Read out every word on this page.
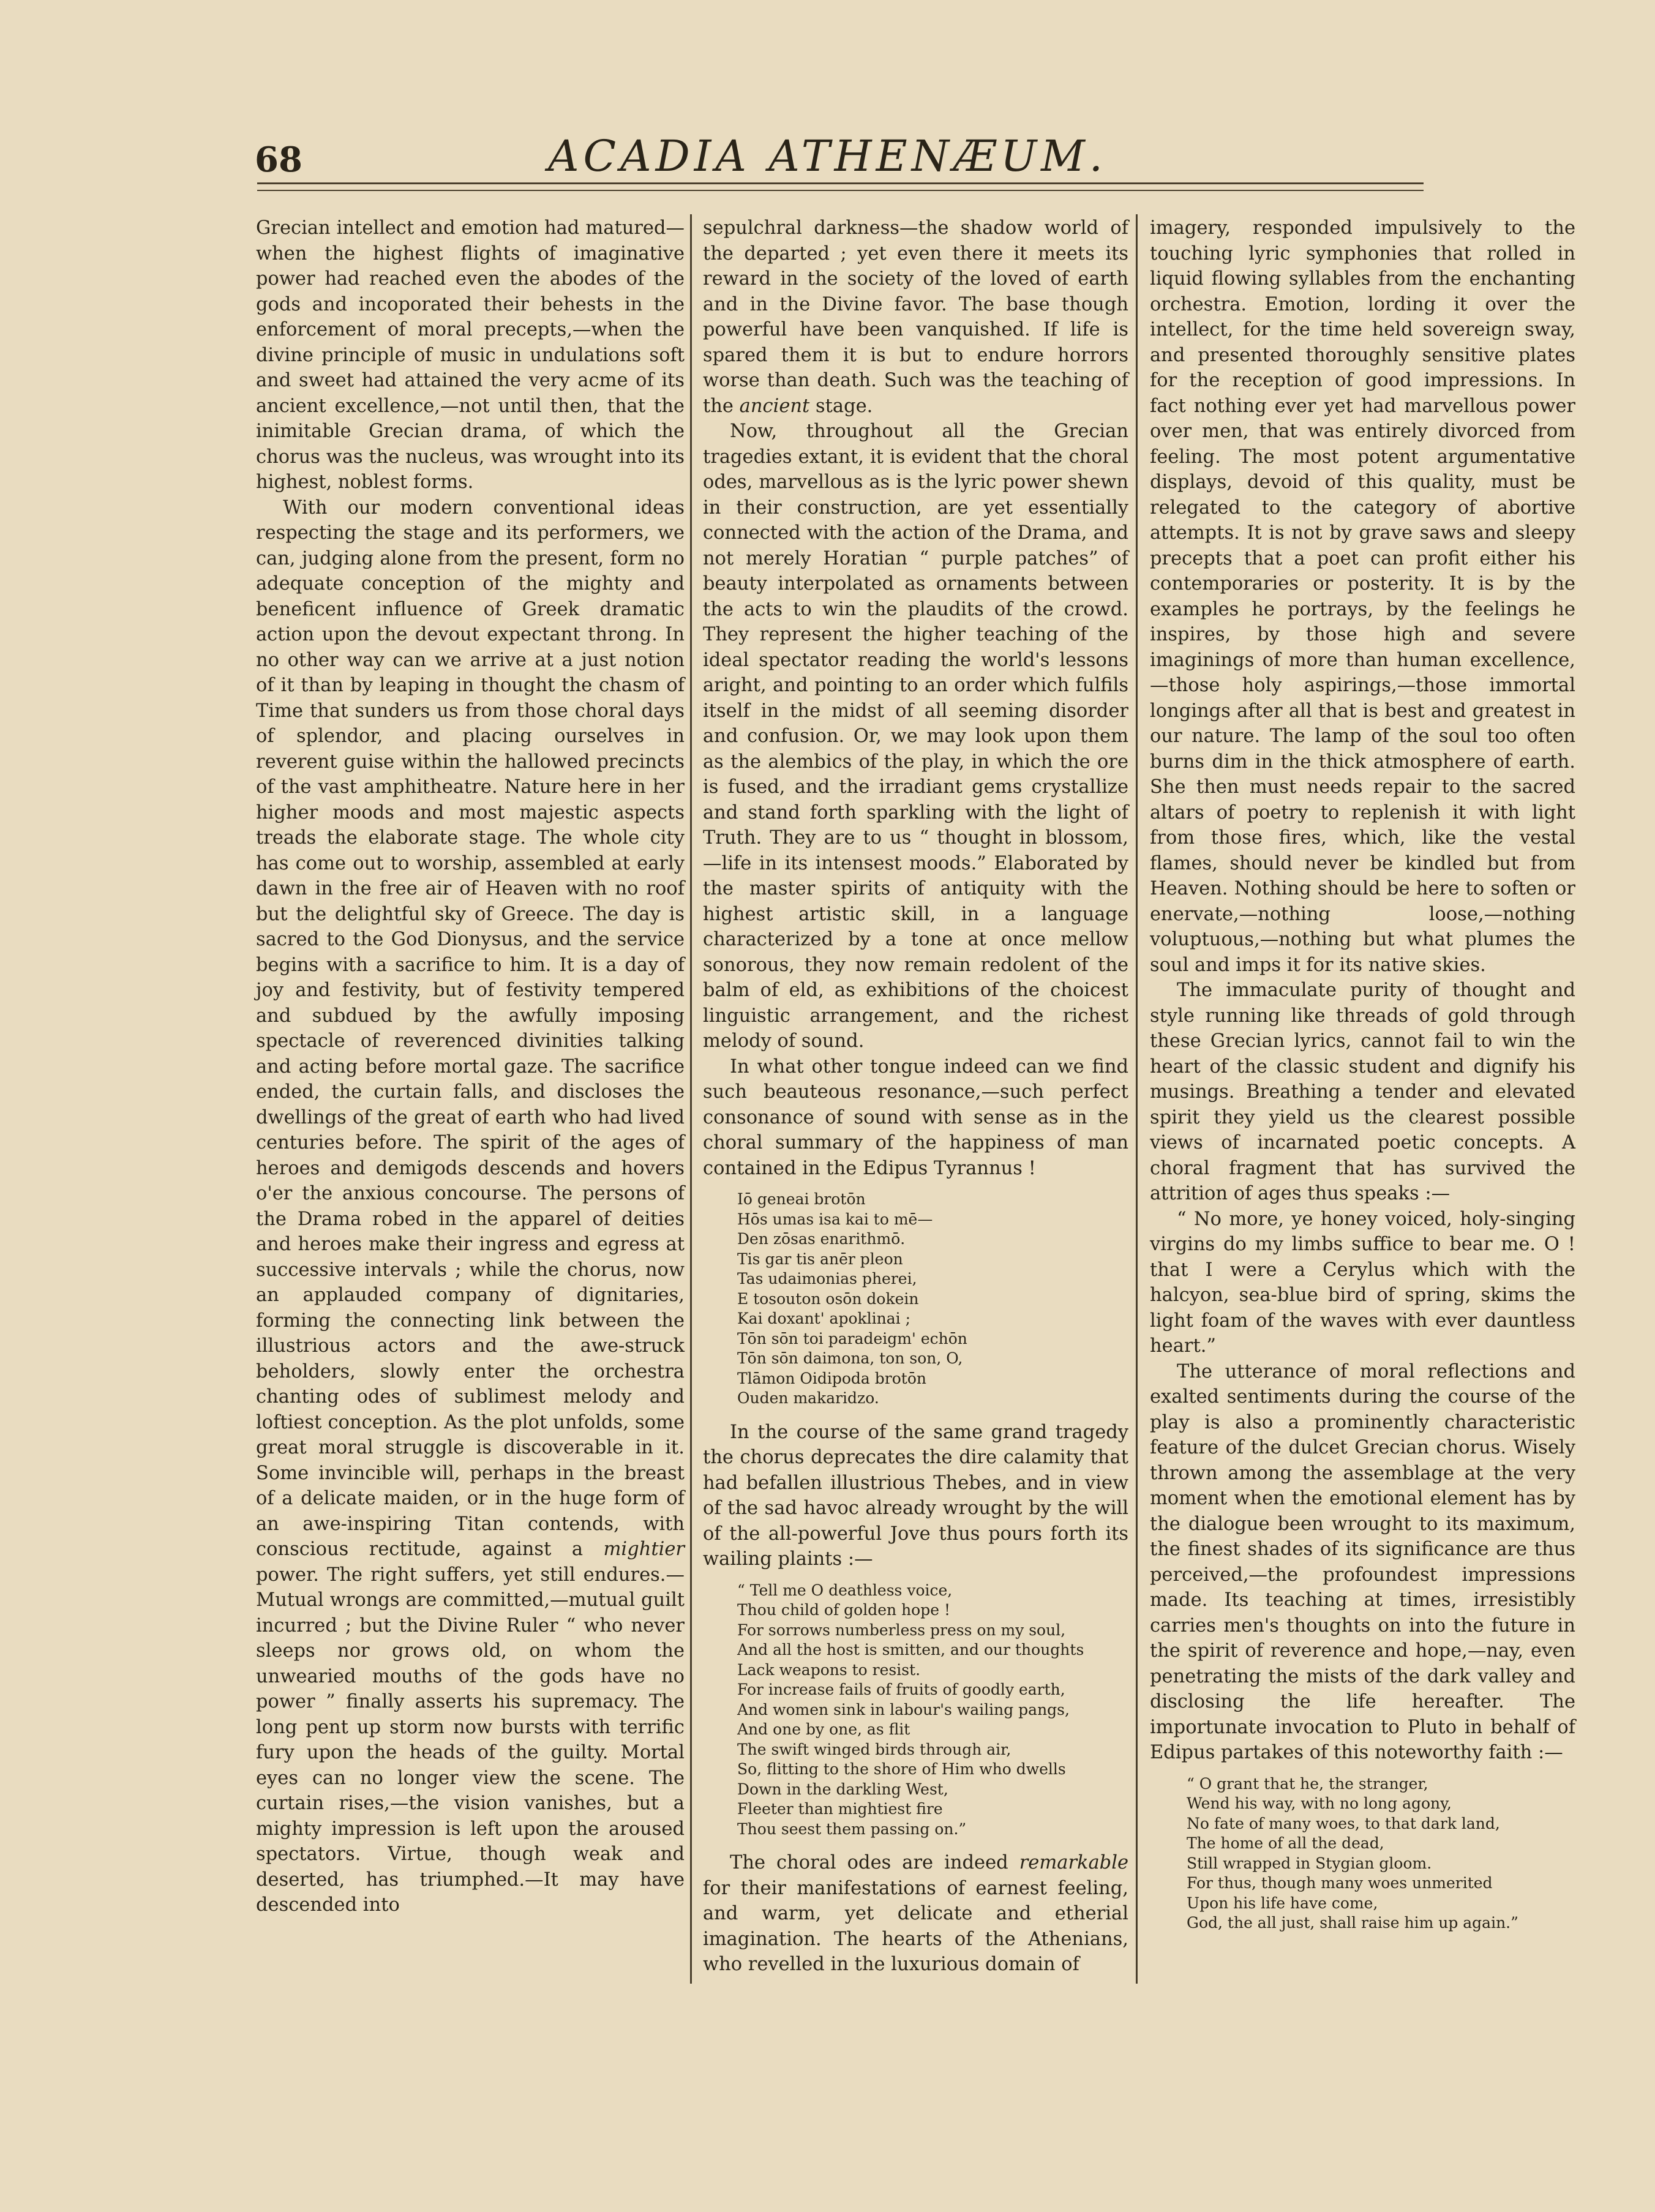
68	ACADIA ATHENÆUM.

Grecian intellect and emotion had matured—when the highest flights of imaginative power had reached even the abodes of the gods and incoporated their behests in the enforcement of moral precepts,—when the divine principle of music in undulations soft and sweet had attained the very acme of its ancient excellence,—not until then, that the inimitable Grecian drama, of which the chorus was the nucleus, was wrought into its highest, noblest forms.

With our modern conventional ideas respecting the stage and its performers, we can, judging alone from the present, form no adequate conception of the mighty and beneficent influence of Greek dramatic action upon the devout expectant throng. In no other way can we arrive at a just notion of it than by leaping in thought the chasm of Time that sunders us from those choral days of splendor, and placing ourselves in reverent guise within the hallowed precincts of the vast amphitheatre. Nature here in her higher moods and most majestic aspects treads the elaborate stage. The whole city has come out to worship, assembled at early dawn in the free air of Heaven with no roof but the delightful sky of Greece. The day is sacred to the God Dionysus, and the service begins with a sacrifice to him. It is a day of joy and festivity, but of festivity tempered and subdued by the awfully imposing spectacle of reverenced divinities talking and acting before mortal gaze. The sacrifice ended, the curtain falls, and discloses the dwellings of the great of earth who had lived centuries before. The spirit of the ages of heroes and demigods descends and hovers o'er the anxious concourse. The persons of the Drama robed in the apparel of deities and heroes make their ingress and egress at successive intervals ; while the chorus, now an applauded company of dignitaries, forming the connecting link between the illustrious actors and the awe-struck beholders, slowly enter the orchestra chanting odes of sublimest melody and loftiest conception. As the plot unfolds, some great moral struggle is discoverable in it. Some invincible will, perhaps in the breast of a delicate maiden, or in the huge form of an awe-inspiring Titan contends, with conscious rectitude, against a mightier power. The right suffers, yet still endures.—Mutual wrongs are committed,—mutual guilt incurred ; but the Divine Ruler “ who never sleeps nor grows old, on whom the unwearied mouths of the gods have no power ” finally asserts his supremacy. The long pent up storm now bursts with terrific fury upon the heads of the guilty. Mortal eyes can no longer view the scene. The curtain rises,—the vision vanishes, but a mighty impression is left upon the aroused spectators. Virtue, though weak and deserted, has triumphed.—It may have descended into

sepulchral darkness—the shadow world of the departed ; yet even there it meets its reward in the society of the loved of earth and in the Divine favor. The base though powerful have been vanquished. If life is spared them it is but to endure horrors worse than death. Such was the teaching of the ancient stage.

Now, throughout all the Grecian tragedies extant, it is evident that the choral odes, marvellous as is the lyric power shewn in their construction, are yet essentially connected with the action of the Drama, and not merely Horatian “ purple patches” of beauty interpolated as ornaments between the acts to win the plaudits of the crowd. They represent the higher teaching of the ideal spectator reading the world's lessons aright, and pointing to an order which fulfils itself in the midst of all seeming disorder and confusion. Or, we may look upon them as the alembics of the play, in which the ore is fused, and the irradiant gems crystallize and stand forth sparkling with the light of Truth. They are to us “ thought in blossom,—life in its intensest moods.” Elaborated by the master spirits of antiquity with the highest artistic skill, in a language characterized by a tone at once mellow sonorous, they now remain redolent of the balm of eld, as exhibitions of the choicest linguistic arrangement, and the richest melody of sound.

In what other tongue indeed can we find such beauteous resonance,—such perfect consonance of sound with sense as in the choral summary of the happiness of man contained in the Edipus Tyrannus !

Iō geneai brotōn
Hōs umas isa kai to mē—
Den zōsas enarithmō.
Tis gar tis anēr pleon
Tas udaimonias pherei,
E tosouton osōn dokein
Kai doxant' apoklinai ;
Tōn sōn toi paradeigm' echōn
Tōn sōn daimona, ton son, O,
Tlāmon Oidipoda brotōn
Ouden makaridzo.

In the course of the same grand tragedy the chorus deprecates the dire calamity that had befallen illustrious Thebes, and in view of the sad havoc already wrought by the will of the all-powerful Jove thus pours forth its wailing plaints :—

“ Tell me O deathless voice,
Thou child of golden hope !
For sorrows numberless press on my soul,
And all the host is smitten, and our thoughts
Lack weapons to resist.
For increase fails of fruits of goodly earth,
And women sink in labour's wailing pangs,
And one by one, as flit
The swift winged birds through air,
So, flitting to the shore of Him who dwells
Down in the darkling West,
Fleeter than mightiest fire
Thou seest them passing on.”

The choral odes are indeed remarkable for their manifestations of earnest feeling, and warm, yet delicate and etherial imagination. The hearts of the Athenians, who revelled in the luxurious domain of

imagery, responded impulsively to the touching lyric symphonies that rolled in liquid flowing syllables from the enchanting orchestra. Emotion, lording it over the intellect, for the time held sovereign sway, and presented thoroughly sensitive plates for the reception of good impressions. In fact nothing ever yet had marvellous power over men, that was entirely divorced from feeling. The most potent argumentative displays, devoid of this quality, must be relegated to the category of abortive attempts. It is not by grave saws and sleepy precepts that a poet can profit either his contemporaries or posterity. It is by the examples he portrays, by the feelings he inspires, by those high and severe imaginings of more than human excellence,—those holy aspirings,—those immortal longings after all that is best and greatest in our nature. The lamp of the soul too often burns dim in the thick atmosphere of earth. She then must needs repair to the sacred altars of poetry to replenish it with light from those fires, which, like the vestal flames, should never be kindled but from Heaven. Nothing should be here to soften or enervate,—nothing loose,—nothing voluptuous,—nothing but what plumes the soul and imps it for its native skies.

The immaculate purity of thought and style running like threads of gold through these Grecian lyrics, cannot fail to win the heart of the classic student and dignify his musings. Breathing a tender and elevated spirit they yield us the clearest possible views of incarnated poetic concepts. A choral fragment that has survived the attrition of ages thus speaks :—

“ No more, ye honey voiced, holy-singing virgins do my limbs suffice to bear me. O ! that I were a Cerylus which with the halcyon, sea-blue bird of spring, skims the light foam of the waves with ever dauntless heart.”

The utterance of moral reflections and exalted sentiments during the course of the play is also a prominently characteristic feature of the dulcet Grecian chorus. Wisely thrown among the assemblage at the very moment when the emotional element has by the dialogue been wrought to its maximum, the finest shades of its significance are thus perceived,—the profoundest impressions made. Its teaching at times, irresistibly carries men's thoughts on into the future in the spirit of reverence and hope,—nay, even penetrating the mists of the dark valley and disclosing the life hereafter. The importunate invocation to Pluto in behalf of Edipus partakes of this noteworthy faith :—

“ O grant that he, the stranger,
Wend his way, with no long agony,
No fate of many woes, to that dark land,
The home of all the dead,
Still wrapped in Stygian gloom.
For thus, though many woes unmerited
Upon his life have come,
God, the all just, shall raise him up again.”
